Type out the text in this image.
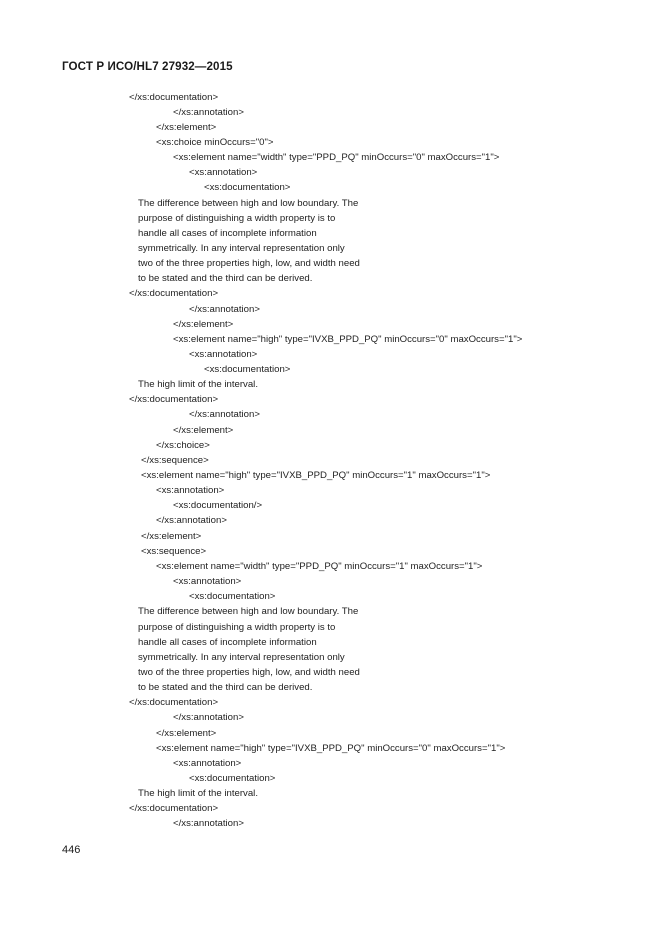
ГОСТ Р ИСО/HL7 27932—2015
</xs:documentation>
</xs:annotation>
</xs:element>
<xs:choice minOccurs="0">
<xs:element name="width" type="PPD_PQ" minOccurs="0" maxOccurs="1">
<xs:annotation>
<xs:documentation>
The difference between high and low boundary. The
purpose of distinguishing a width property is to
handle all cases of incomplete information
symmetrically. In any interval representation only
two of the three properties high, low, and width need
to be stated and the third can be derived.
</xs:documentation>
</xs:annotation>
</xs:element>
<xs:element name="high" type="IVXB_PPD_PQ" minOccurs="0" maxOccurs="1">
<xs:annotation>
<xs:documentation>
The high limit of the interval.
</xs:documentation>
</xs:annotation>
</xs:element>
</xs:choice>
</xs:sequence>
<xs:element name="high" type="IVXB_PPD_PQ" minOccurs="1" maxOccurs="1">
<xs:annotation>
<xs:documentation/>
</xs:annotation>
</xs:element>
<xs:sequence>
<xs:element name="width" type="PPD_PQ" minOccurs="1" maxOccurs="1">
<xs:annotation>
<xs:documentation>
The difference between high and low boundary. The
purpose of distinguishing a width property is to
handle all cases of incomplete information
symmetrically. In any interval representation only
two of the three properties high, low, and width need
to be stated and the third can be derived.
</xs:documentation>
</xs:annotation>
</xs:element>
<xs:element name="high" type="IVXB_PPD_PQ" minOccurs="0" maxOccurs="1">
<xs:annotation>
<xs:documentation>
The high limit of the interval.
</xs:documentation>
</xs:annotation>
446
